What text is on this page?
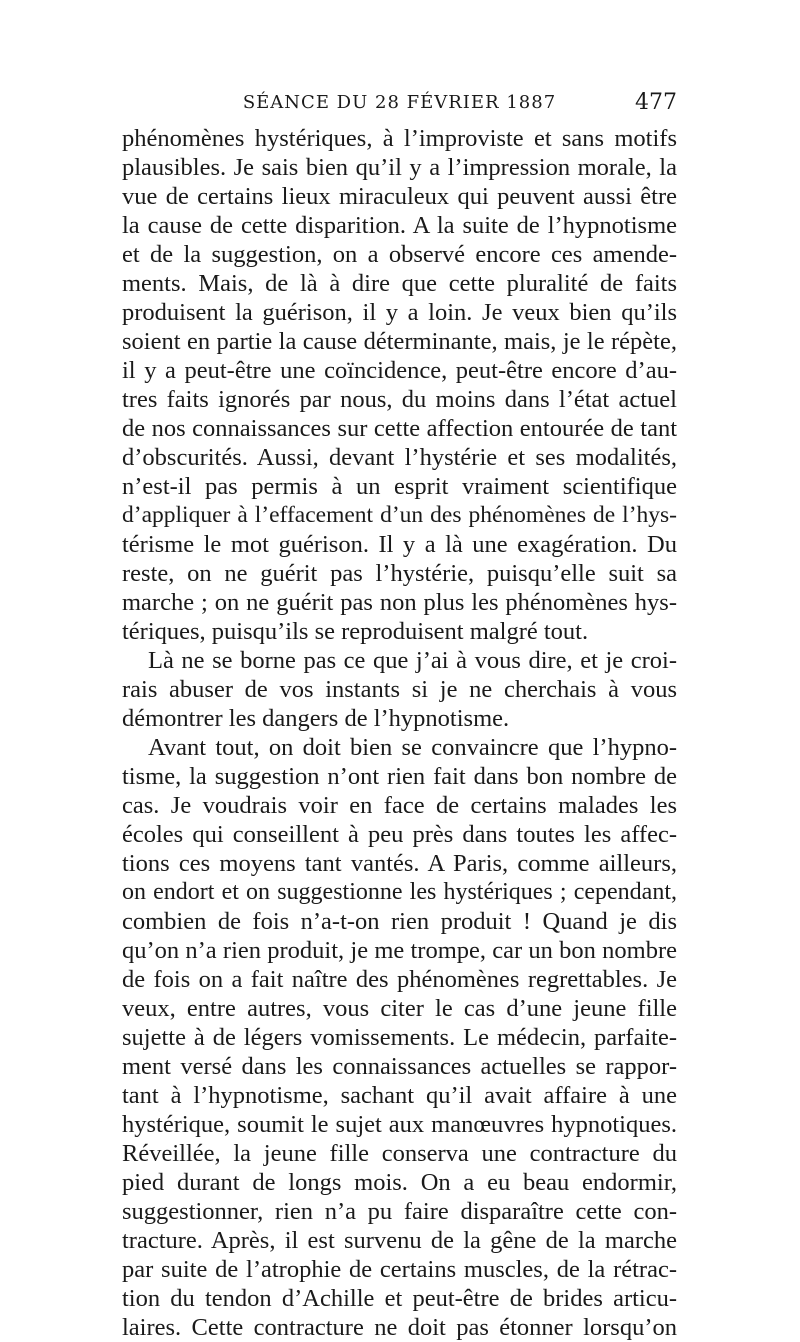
SÉANCE DU 28 FÉVRIER 1887	477
phénomènes hystériques, à l’improviste et sans motifs
plausibles. Je sais bien qu’il y a l’impression morale, la
vue de certains lieux miraculeux qui peuvent aussi être
la cause de cette disparition. A la suite de l’hypnotisme
et de la suggestion, on a observé encore ces amende-
ments. Mais, de là à dire que cette pluralité de faits
produisent la guérison, il y a loin. Je veux bien qu’ils
soient en partie la cause déterminante, mais, je le répète,
il y a peut-être une coïncidence, peut-être encore d’au-
tres faits ignorés par nous, du moins dans l’état actuel
de nos connaissances sur cette affection entourée de tant
d’obscurités. Aussi, devant l’hystérie et ses modalités,
n’est-il pas permis à un esprit vraiment scientifique
d’appliquer à l’effacement d’un des phénomènes de l’hys-
térisme le mot guérison. Il y a là une exagération. Du
reste, on ne guérit pas l’hystérie, puisqu’elle suit sa
marche ; on ne guérit pas non plus les phénomènes hys-
tériques, puisqu’ils se reproduisent malgré tout.
Là ne se borne pas ce que j’ai à vous dire, et je croi-
rais abuser de vos instants si je ne cherchais à vous
démontrer les dangers de l’hypnotisme.
Avant tout, on doit bien se convaincre que l’hypno-
tisme, la suggestion n’ont rien fait dans bon nombre de
cas. Je voudrais voir en face de certains malades les
écoles qui conseillent à peu près dans toutes les affec-
tions ces moyens tant vantés. A Paris, comme ailleurs,
on endort et on suggestionne les hystériques ; cependant,
combien de fois n’a-t-on rien produit ! Quand je dis
qu’on n’a rien produit, je me trompe, car un bon nombre
de fois on a fait naître des phénomènes regrettables. Je
veux, entre autres, vous citer le cas d’une jeune fille
sujette à de légers vomissements. Le médecin, parfaite-
ment versé dans les connaissances actuelles se rappor-
tant à l’hypnotisme, sachant qu’il avait affaire à une
hystérique, soumit le sujet aux manœuvres hypnotiques.
Réveillée, la jeune fille conserva une contracture du
pied durant de longs mois. On a eu beau endormir,
suggestionner, rien n’a pu faire disparaître cette con-
tracture. Après, il est survenu de la gêne de la marche
par suite de l’atrophie de certains muscles, de la rétrac-
tion du tendon d’Achille et peut-être de brides articu-
laires. Cette contracture ne doit pas étonner lorsqu’on
